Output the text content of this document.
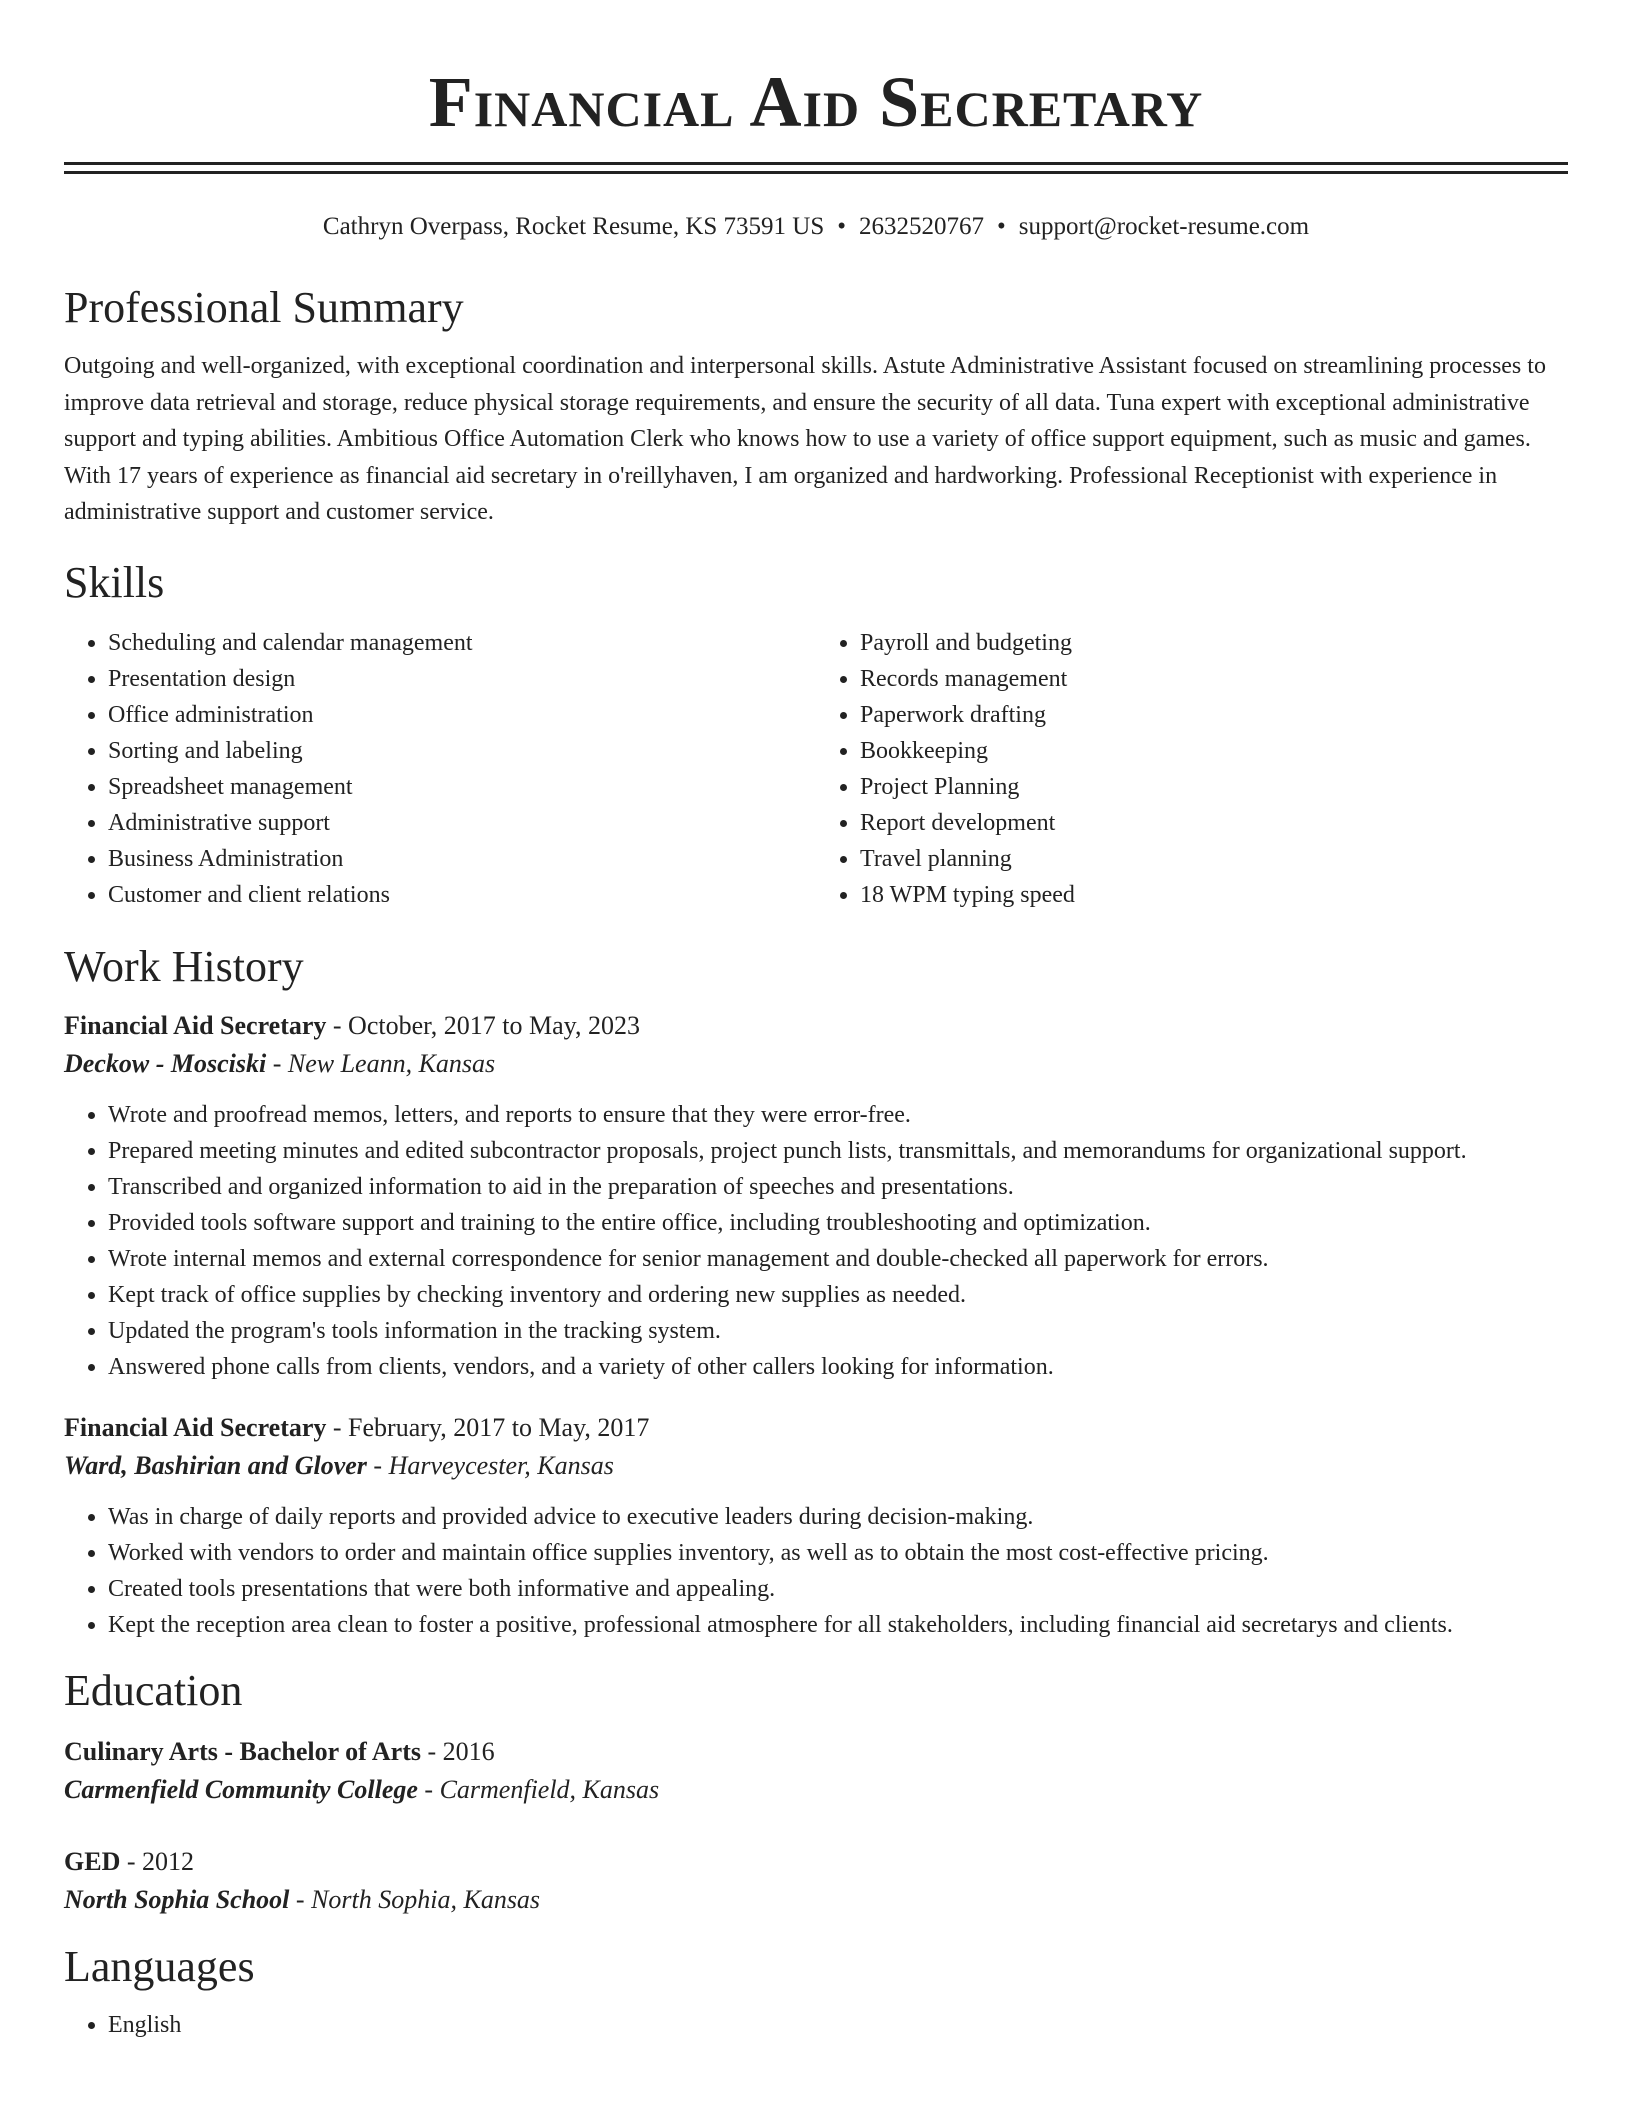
Financial Aid Secretary
Cathryn Overpass, Rocket Resume, KS 73591 US • 2632520767 • support@rocket-resume.com
Professional Summary

Outgoing and well-organized, with exceptional coordination and interpersonal skills. Astute Administrative Assistant focused on streamlining processes to improve data retrieval and storage, reduce physical storage requirements, and ensure the security of all data. Tuna expert with exceptional administrative support and typing abilities. Ambitious Office Automation Clerk who knows how to use a variety of office support equipment, such as music and games. With 17 years of experience as financial aid secretary in o'reillyhaven, I am organized and hardworking. Professional Receptionist with experience in administrative support and customer service.

Skills
• Scheduling and calendar management
• Presentation design
• Office administration
• Sorting and labeling
• Spreadsheet management
• Administrative support
• Business Administration
• Customer and client relations
• Payroll and budgeting
• Records management
• Paperwork drafting
• Bookkeeping
• Project Planning
• Report development
• Travel planning
• 18 WPM typing speed
Work History
Financial Aid Secretary - October, 2017 to May, 2023
Deckow - Mosciski - New Leann, Kansas
• Wrote and proofread memos, letters, and reports to ensure that they were error-free.
• Prepared meeting minutes and edited subcontractor proposals, project punch lists, transmittals, and memorandums for organizational support.
• Transcribed and organized information to aid in the preparation of speeches and presentations.
• Provided tools software support and training to the entire office, including troubleshooting and optimization.
• Wrote internal memos and external correspondence for senior management and double-checked all paperwork for errors.
• Kept track of office supplies by checking inventory and ordering new supplies as needed.
• Updated the program's tools information in the tracking system.
• Answered phone calls from clients, vendors, and a variety of other callers looking for information.
Financial Aid Secretary - February, 2017 to May, 2017
Ward, Bashirian and Glover - Harveycester, Kansas
• Was in charge of daily reports and provided advice to executive leaders during decision-making.
• Worked with vendors to order and maintain office supplies inventory, as well as to obtain the most cost-effective pricing.
• Created tools presentations that were both informative and appealing.
• Kept the reception area clean to foster a positive, professional atmosphere for all stakeholders, including financial aid secretarys and clients.
Education
Culinary Arts - Bachelor of Arts - 2016
Carmenfield Community College - Carmenfield, Kansas
GED - 2012
North Sophia School - North Sophia, Kansas
Languages
• English
